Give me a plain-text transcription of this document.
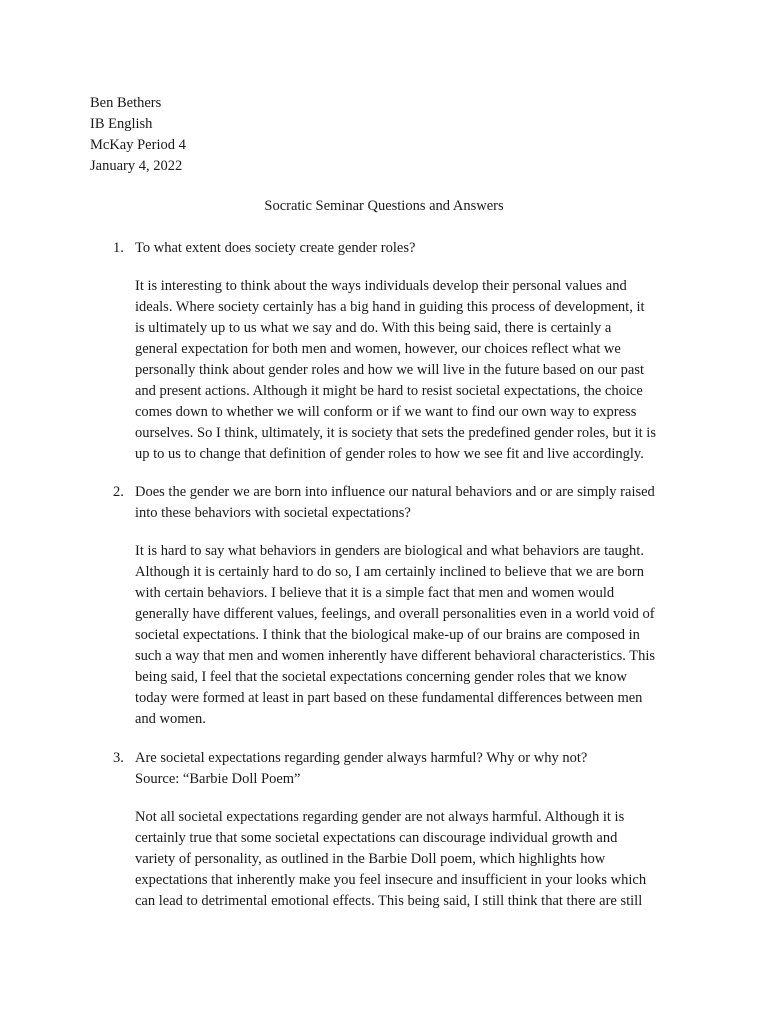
Ben Bethers
IB English
McKay Period 4
January 4, 2022
Socratic Seminar Questions and Answers
1. To what extent does society create gender roles?
It is interesting to think about the ways individuals develop their personal values and
ideals. Where society certainly has a big hand in guiding this process of development, it
is ultimately up to us what we say and do. With this being said, there is certainly a
general expectation for both men and women, however, our choices reflect what we
personally think about gender roles and how we will live in the future based on our past
and present actions. Although it might be hard to resist societal expectations, the choice
comes down to whether we will conform or if we want to find our own way to express
ourselves. So I think, ultimately, it is society that sets the predefined gender roles, but it is
up to us to change that definition of gender roles to how we see fit and live accordingly.
2. Does the gender we are born into influence our natural behaviors and or are simply raised
into these behaviors with societal expectations?
It is hard to say what behaviors in genders are biological and what behaviors are taught.
Although it is certainly hard to do so, I am certainly inclined to believe that we are born
with certain behaviors. I believe that it is a simple fact that men and women would
generally have different values, feelings, and overall personalities even in a world void of
societal expectations. I think that the biological make-up of our brains are composed in
such a way that men and women inherently have different behavioral characteristics. This
being said, I feel that the societal expectations concerning gender roles that we know
today were formed at least in part based on these fundamental differences between men
and women.
3. Are societal expectations regarding gender always harmful? Why or why not?
Source: “Barbie Doll Poem”
Not all societal expectations regarding gender are not always harmful. Although it is
certainly true that some societal expectations can discourage individual growth and
variety of personality, as outlined in the Barbie Doll poem, which highlights how
expectations that inherently make you feel insecure and insufficient in your looks which
can lead to detrimental emotional effects. This being said, I still think that there are still
